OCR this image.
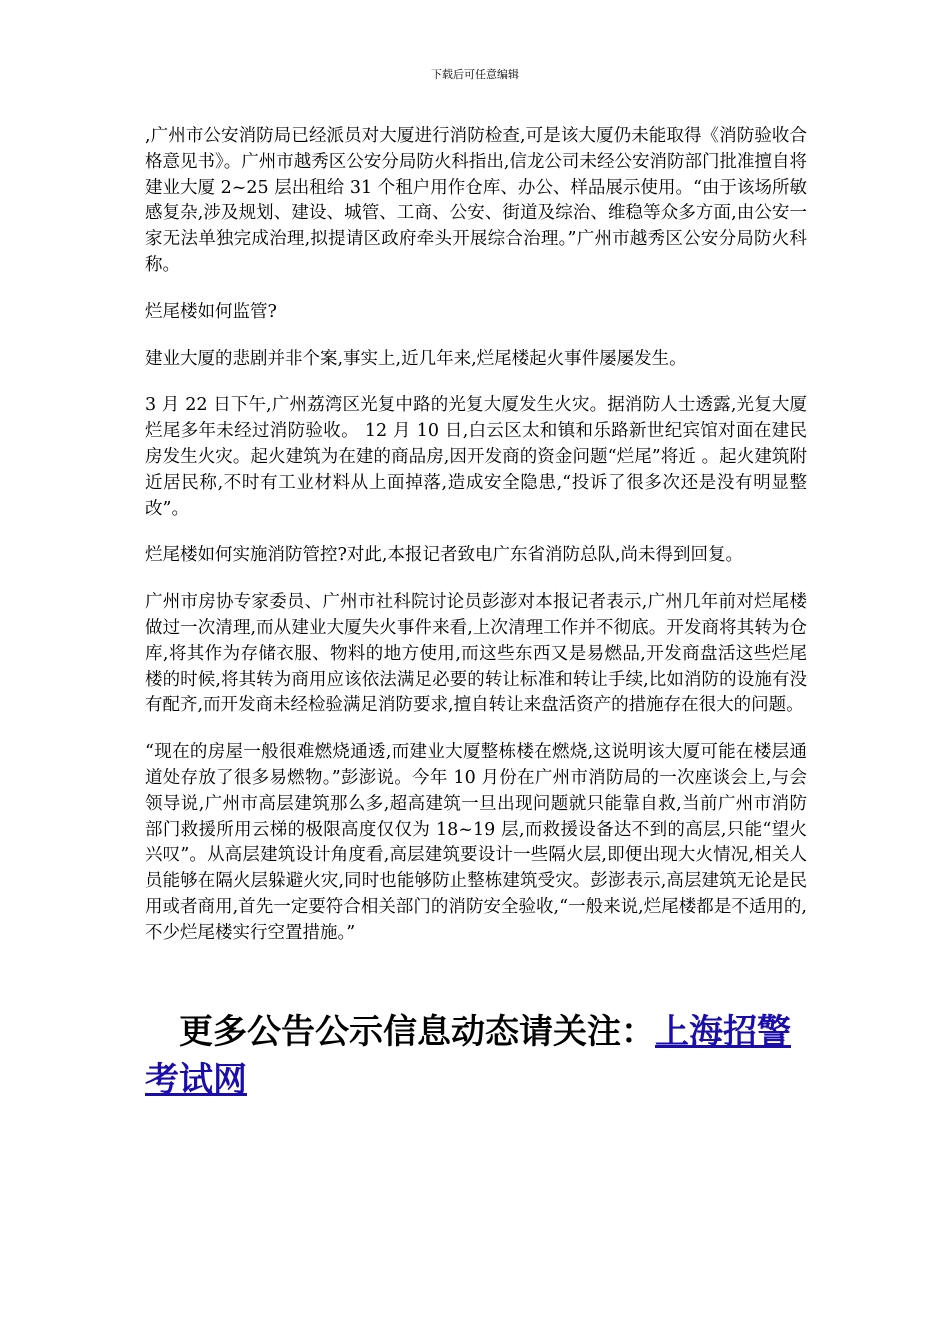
下载后可任意编辑

,广州市公安消防局已经派员对大厦进行消防检查,可是该大厦仍未能取得《消防验收合格意见书》。广州市越秀区公安分局防火科指出,信龙公司未经公安消防部门批准擅自将建业大厦 2~25 层出租给 31 个租户用作仓库、办公、样品展示使用。“由于该场所敏感复杂,涉及规划、建设、城管、工商、公安、街道及综治、维稳等众多方面,由公安一家无法单独完成治理,拟提请区政府牵头开展综合治理。”广州市越秀区公安分局防火科称。

烂尾楼如何监管?

建业大厦的悲剧并非个案,事实上,近几年来,烂尾楼起火事件屡屡发生。

3 月 22 日下午,广州荔湾区光复中路的光复大厦发生火灾。据消防人士透露,光复大厦烂尾多年未经过消防验收。 12 月 10 日,白云区太和镇和乐路新世纪宾馆对面在建民房发生火灾。起火建筑为在建的商品房,因开发商的资金问题“烂尾”将近 。起火建筑附近居民称,不时有工业材料从上面掉落,造成安全隐患,“投诉了很多次还是没有明显整改”。

烂尾楼如何实施消防管控?对此,本报记者致电广东省消防总队,尚未得到回复。

广州市房协专家委员、广州市社科院讨论员彭澎对本报记者表示,广州几年前对烂尾楼做过一次清理,而从建业大厦失火事件来看,上次清理工作并不彻底。开发商将其转为仓库,将其作为存储衣服、物料的地方使用,而这些东西又是易燃品,开发商盘活这些烂尾楼的时候,将其转为商用应该依法满足必要的转让标准和转让手续,比如消防的设施有没有配齐,而开发商未经检验满足消防要求,擅自转让来盘活资产的措施存在很大的问题。

“现在的房屋一般很难燃烧通透,而建业大厦整栋楼在燃烧,这说明该大厦可能在楼层通道处存放了很多易燃物。”彭澎说。今年 10 月份在广州市消防局的一次座谈会上,与会领导说,广州市高层建筑那么多,超高建筑一旦出现问题就只能靠自救,当前广州市消防部门救援所用云梯的极限高度仅仅为 18~19 层,而救援设备达不到的高层,只能“望火兴叹”。从高层建筑设计角度看,高层建筑要设计一些隔火层,即便出现大火情况,相关人员能够在隔火层躲避火灾,同时也能够防止整栋建筑受灾。彭澎表示,高层建筑无论是民用或者商用,首先一定要符合相关部门的消防安全验收,“一般来说,烂尾楼都是不适用的,不少烂尾楼实行空置措施。”

更多公告公示信息动态请关注：上海招警考试网
